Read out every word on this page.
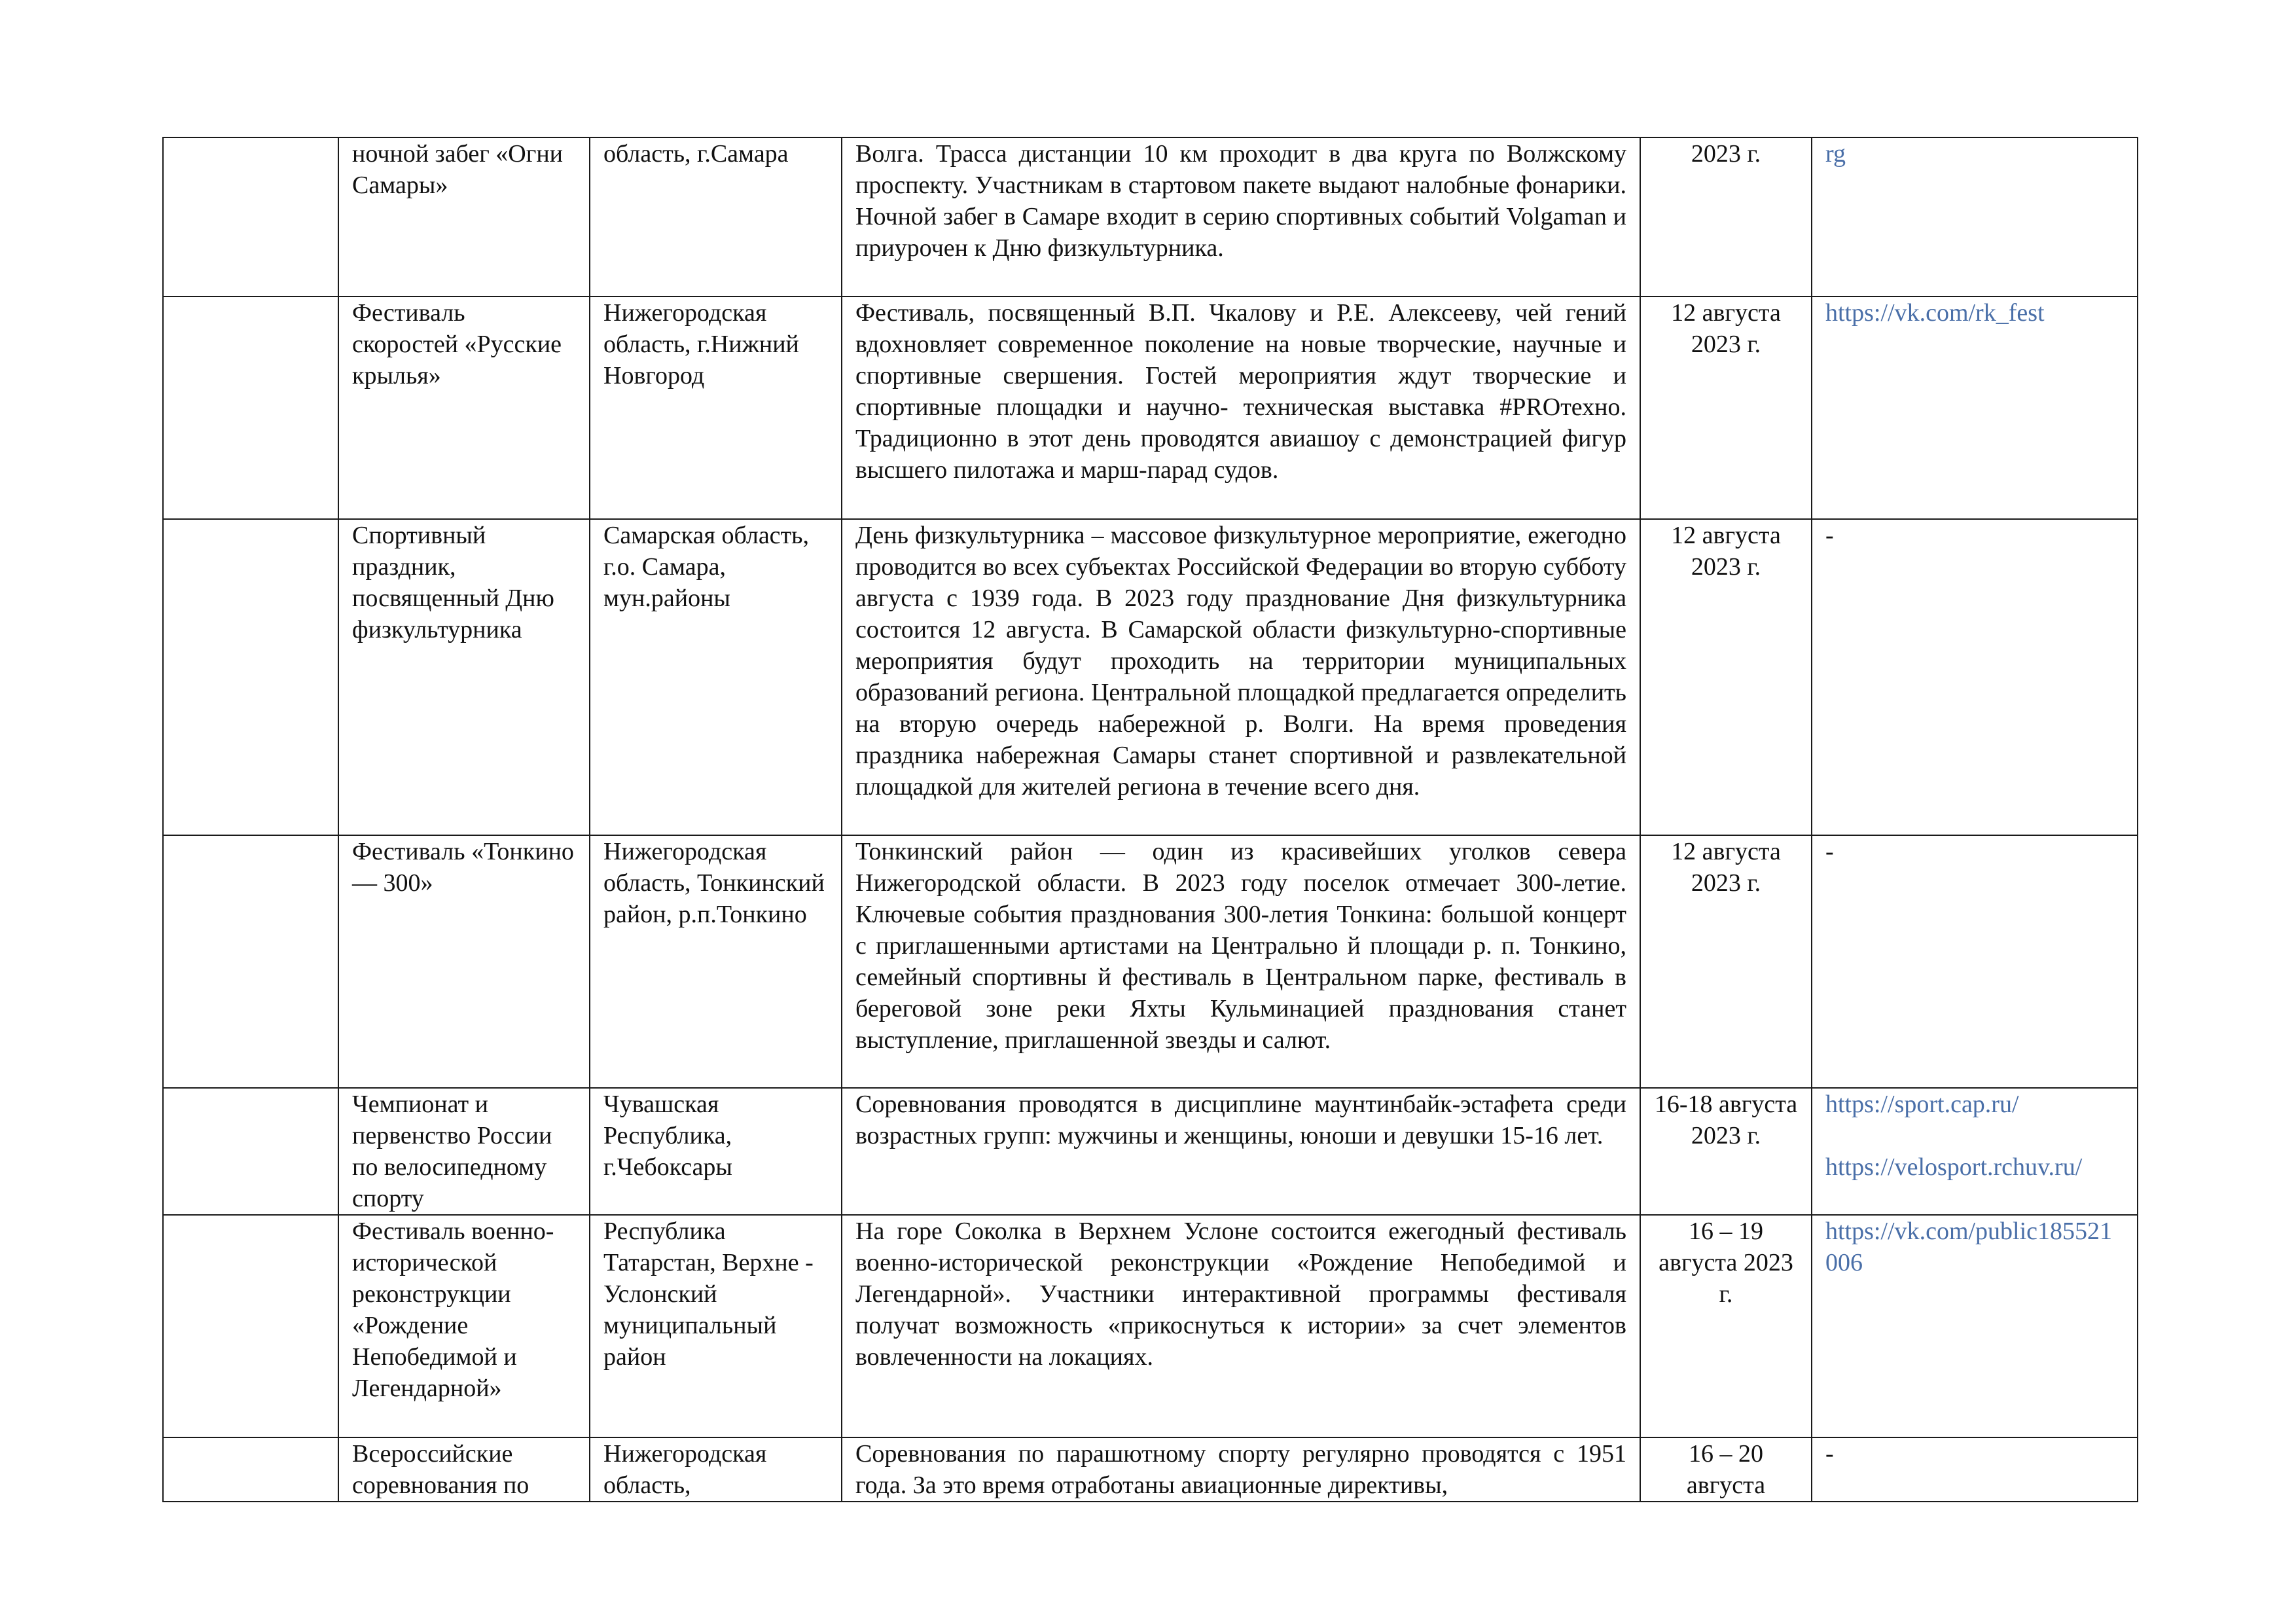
	ночной забег «Огни Самары»	область, г.Самара	Волга. Трасса дистанции 10 км проходит в два круга по Волжскому проспекту. Участникам в стартовом пакете выдают налобные фонарики. Ночной забег в Самаре входит в серию спортивных событий Volgaman и приурочен к Дню физкультурника.	2023 г.	rg

	Фестиваль скоростей «Русские крылья»	Нижегородская область, г.Нижний Новгород	Фестиваль, посвященный В.П. Чкалову и Р.Е. Алексееву, чей гений вдохновляет современное поколение на новые творческие, научные и спортивные свершения. Гостей мероприятия ждут творческие и спортивные площадки и научно- техническая выставка #PROтехно. Традиционно в этот день проводятся авиашоу с демонстрацией фигур высшего пилотажа и марш-парад судов.	12 августа 2023 г.	https://vk.com/rk_fest

	Спортивный праздник, посвященный Дню физкультурника	Самарская область, г.о. Самара, мун.районы	День физкультурника – массовое физкультурное мероприятие, ежегодно проводится во всех субъектах Российской Федерации во вторую субботу августа с 1939 года. В 2023 году празднование Дня физкультурника состоится 12 августа. В Самарской области физкультурно-спортивные мероприятия будут проходить на территории муниципальных образований региона. Центральной площадкой предлагается определить на вторую очередь набережной р. Волги. На время проведения праздника набережная Самары станет спортивной и развлекательной площадкой для жителей региона в течение всего дня.	12 августа 2023 г.	-
	Фестиваль «Тонкино — 300»	Нижегородская область, Тонкинский район, р.п.Тонкино	Тонкинский район — один из красивейших уголков севера Нижегородской области. В 2023 году поселок отмечает 300-летие. Ключевые события празднования 300-летия Тонкина: большой концерт с приглашенными артистами на Центрально й площади р. п. Тонкино, семейный спортивны й фестиваль в Центральном парке, фестиваль в береговой зоне реки Яхты Кульминацией празднования станет выступление, приглашенной звезды и салют.	12 августа 2023 г.	-
	Чемпионат и первенство России по велосипедному спорту	Чувашская Республика, г.Чебоксары	Соревнования проводятся в дисциплине маунтинбайк-эстафета среди возрастных групп: мужчины и женщины, юноши и девушки 15-16 лет.	16-18 августа 2023 г.	https://sport.cap.ru/
https://velosport.rchuv.ru/

	Фестиваль военно-исторической реконструкции «Рождение Непобедимой и Легендарной»	Республика Татарстан, Верхне - Услонский муниципальный район	На горе Соколка в Верхнем Услоне состоится ежегодный фестиваль военно-исторической реконструкции «Рождение Непобедимой и Легендарной». Участники интерактивной программы фестиваля получат возможность «прикоснуться к истории» за счет элементов вовлеченности на локациях.	16 – 19 августа 2023 г.	https://vk.com/public185521006

	Всероссийские соревнования по	Нижегородская область,	Соревнования по парашютному спорту регулярно проводятся с 1951 года. За это время отработаны авиационные директивы,	16 – 20 августа	-
